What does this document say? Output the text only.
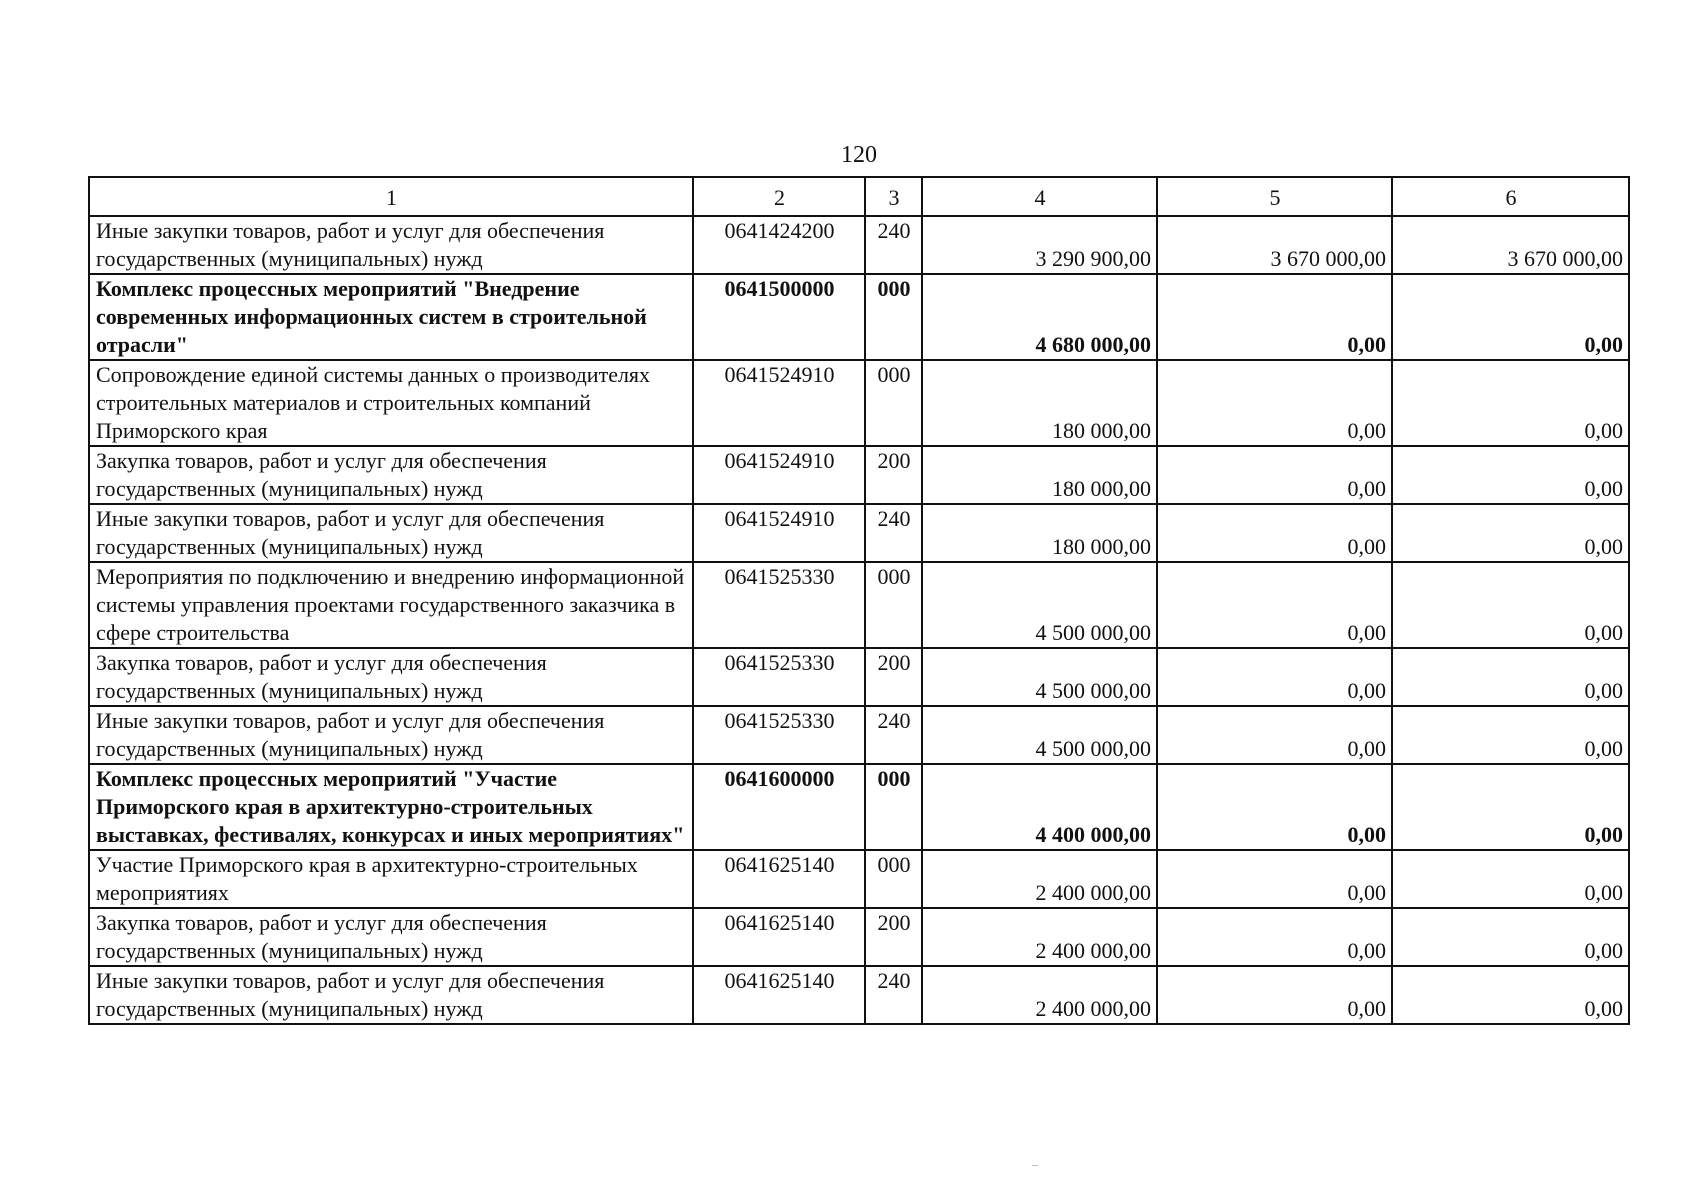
120
1	2	3	4	5	6
Иные закупки товаров, работ и услуг для обеспечения государственных (муниципальных) нужд	0641424200	240	3 290 900,00	3 670 000,00	3 670 000,00
Комплекс процессных мероприятий "Внедрение современных информационных систем в строительной отрасли"	0641500000	000	4 680 000,00	0,00	0,00
Сопровождение единой системы данных о производителях строительных материалов и строительных компаний Приморского края	0641524910	000	180 000,00	0,00	0,00
Закупка товаров, работ и услуг для обеспечения государственных (муниципальных) нужд	0641524910	200	180 000,00	0,00	0,00
Иные закупки товаров, работ и услуг для обеспечения государственных (муниципальных) нужд	0641524910	240	180 000,00	0,00	0,00
Мероприятия по подключению и внедрению информационной системы управления проектами государственного заказчика в сфере строительства	0641525330	000	4 500 000,00	0,00	0,00
Закупка товаров, работ и услуг для обеспечения государственных (муниципальных) нужд	0641525330	200	4 500 000,00	0,00	0,00
Иные закупки товаров, работ и услуг для обеспечения государственных (муниципальных) нужд	0641525330	240	4 500 000,00	0,00	0,00
Комплекс процессных мероприятий "Участие Приморского края в архитектурно-строительных выставках, фестивалях, конкурсах и иных мероприятиях"	0641600000	000	4 400 000,00	0,00	0,00
Участие Приморского края в архитектурно-строительных мероприятиях	0641625140	000	2 400 000,00	0,00	0,00
Закупка товаров, работ и услуг для обеспечения государственных (муниципальных) нужд	0641625140	200	2 400 000,00	0,00	0,00
Иные закупки товаров, работ и услуг для обеспечения государственных (муниципальных) нужд	0641625140	240	2 400 000,00	0,00	0,00
